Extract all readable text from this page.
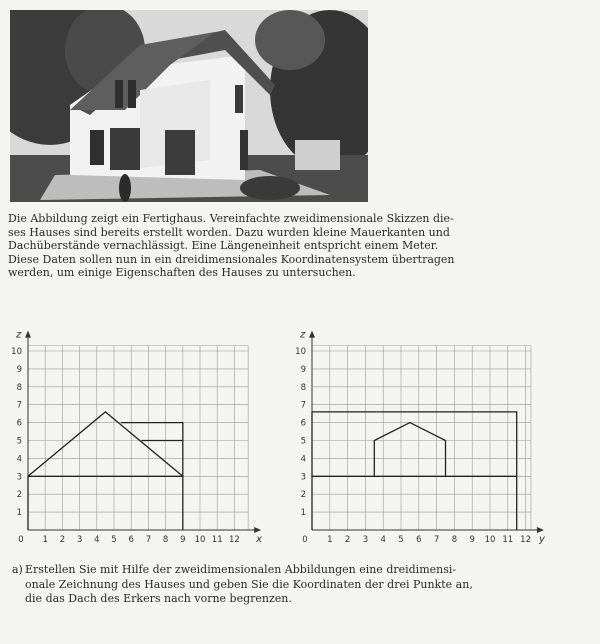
Die Abbildung zeigt ein Fertighaus. Vereinfachte zweidimensionale Skizzen die-
ses Hauses sind bereits erstellt worden. Dazu wurden kleine Mauerkanten und
Dachüberstände vernachlässigt. Eine Längeneinheit entspricht einem Meter.
Diese Daten sollen nun in ein dreidimensionales Koordinatensystem übertragen
werden, um einige Eigenschaften des Hauses zu untersuchen.
z
x
0 1 2 3 4 5 6 7 8 9 10 11 12
1
2
3
4
5
6
7
8
9
10
z
y
0 1 2 3 4 5 6 7 8 9 10 11 12
1
2
3
4
5
6
7
8
9
10
a) Erstellen Sie mit Hilfe der zweidimensionalen Abbildungen eine dreidimensi-
onale Zeichnung des Hauses und geben Sie die Koordinaten der drei Punkte an,
die das Dach des Erkers nach vorne begrenzen.
